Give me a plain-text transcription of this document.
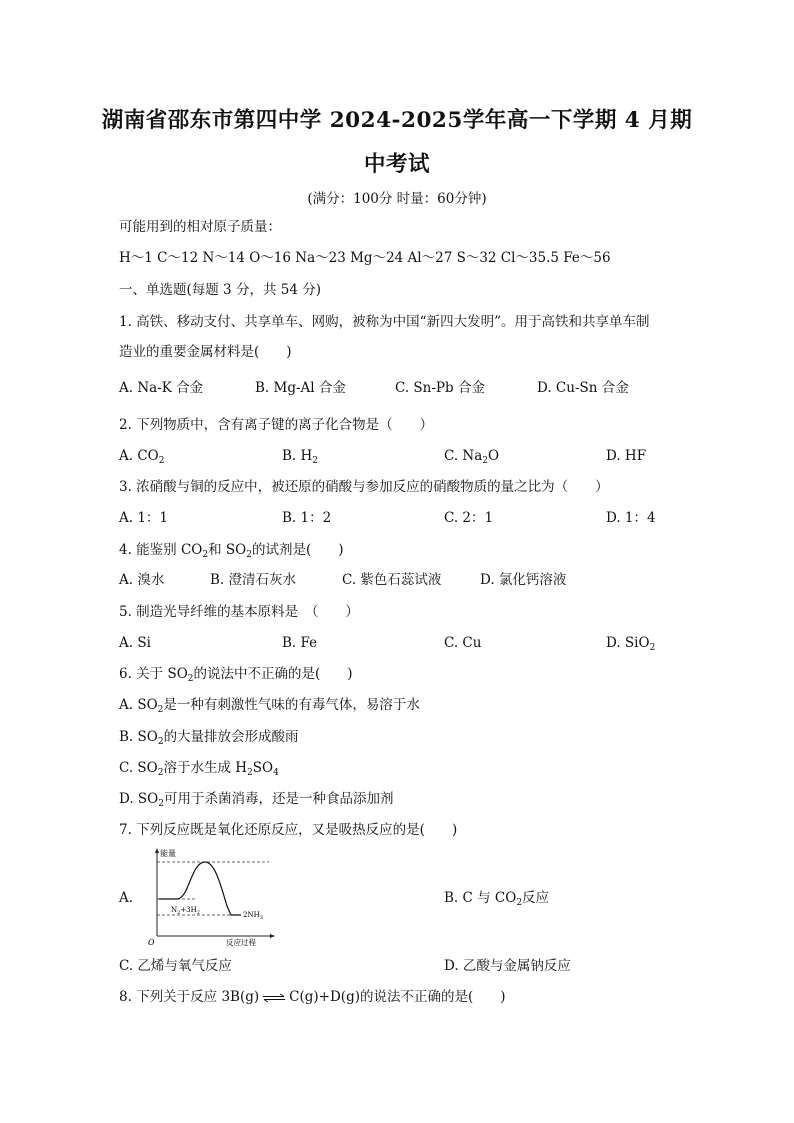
湖南省邵东市第四中学 2024-2025学年高一下学期 4 月期
中考试
(满分：100分 时量：60分钟)
可能用到的相对原子质量：
H～1 C～12 N～14 O～16 Na～23 Mg～24 Al～27 S～32 Cl～35.5 Fe～56
一、单选题(每题 3 分，共 54 分)
1. 高铁、移动支付、共享单车、网购，被称为中国“新四大发明”。用于高铁和共享单车制
造业的重要金属材料是(　　)
A. Na-K 合金	B. Mg-Al 合金	C. Sn-Pb 合金	D. Cu-Sn 合金
2. 下列物质中，含有离子键的离子化合物是（　　）
A. $CO_2$	B. $H_2$	C. $Na_2O$	D. HF
3. 浓硝酸与铜的反应中，被还原的硝酸与参加反应的硝酸物质的量之比为（　　）
A. 1：1	B. 1：2	C. 2：1	D. 1：4
4. 能鉴别 $CO_2$和 $SO_2$的试剂是(　　)
A. 溴水	B. 澄清石灰水	C. 紫色石蕊试液	D. 氯化钙溶液
5. 制造光导纤维的基本原料是　（　　）
A. Si	B. Fe	C. Cu	D. SiO$_2$
6. 关于 $SO_2$的说法中不正确的是(　　)
A. $SO_2$是一种有刺激性气味的有毒气体，易溶于水
B. $SO_2$的大量排放会形成酸雨
C. $SO_2$溶于水生成 $H_2SO_4$
D. $SO_2$可用于杀菌消毒，还是一种食品添加剂
7. 下列反应既是氧化还原反应，又是吸热反应的是(　　)
A.
能量
O	反应过程
$N_2+3H_2$	$2NH_3$
B. C 与 $CO_2$反应
C. 乙烯与氧气反应	D. 乙酸与金属钠反应
8. 下列关于反应 3B(g) ⇌ C(g)+D(g)的说法不正确的是(　　)
